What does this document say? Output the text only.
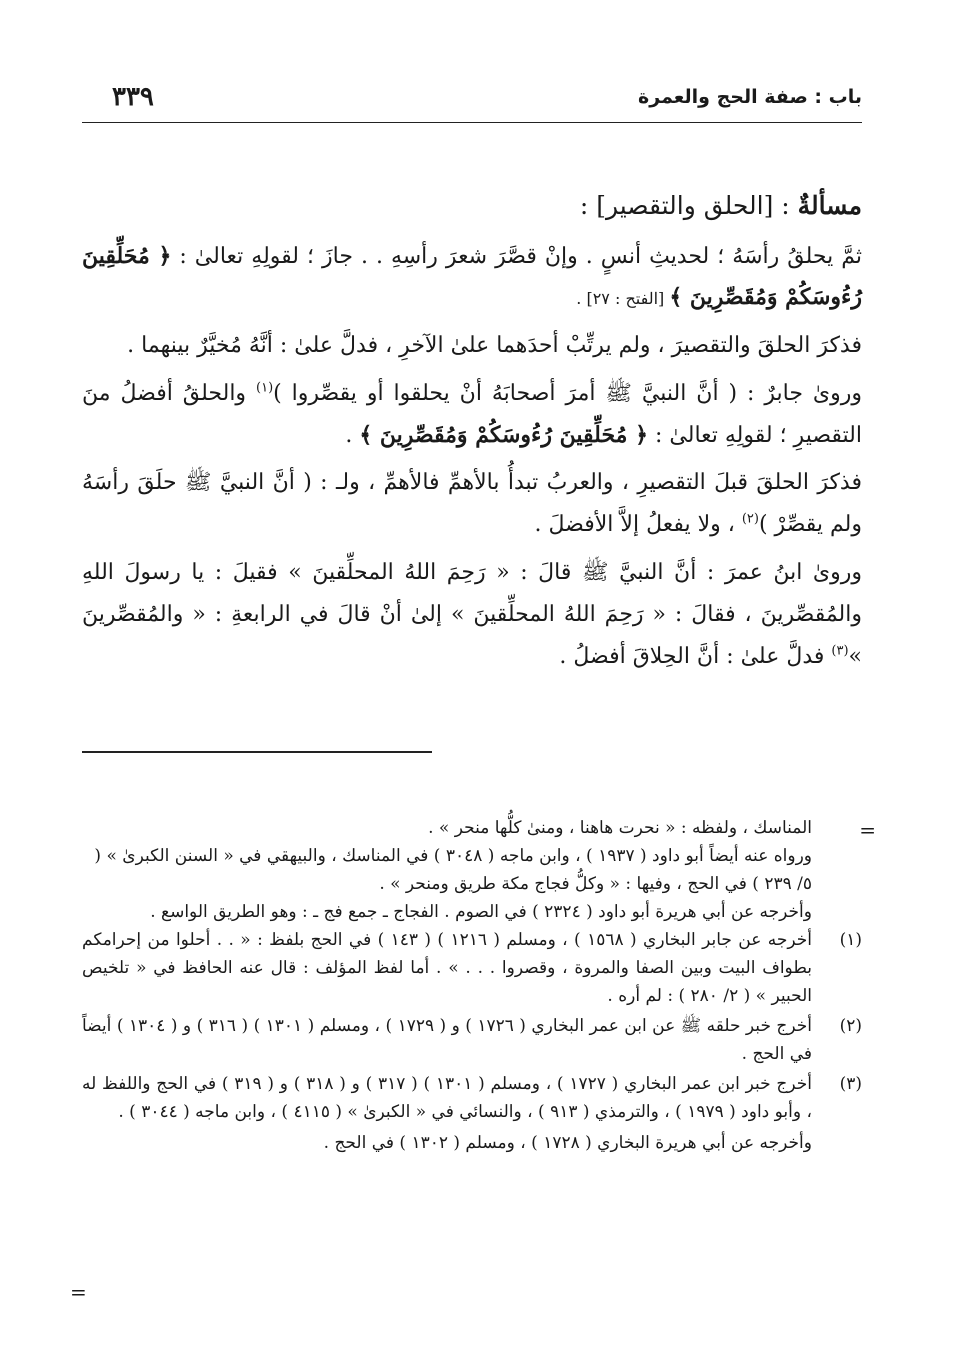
باب : صفة الحج والعمرة
٣٣٩

مسألةٌ : [الحلق والتقصير] :

ثمَّ يحلقُ رأسَهُ ؛ لحديثِ أنسٍ . وإنْ قصَّرَ شعرَ رأسِهِ . . جازَ ؛ لقولِهِ تعالىٰ : ﴿ مُحَلِّقِينَ رُءُوسَكُمْ وَمُقَصِّرِينَ ﴾ [الفتح : ٢٧] .

فذكرَ الحلقَ والتقصيرَ ، ولم يرتِّبْ أحدَهما علىٰ الآخرِ ، فدلَّ علىٰ : أنَّهُ مُخيَّرٌ بينهما .

وروىٰ جابرٌ : ( أنَّ النبيَّ ﷺ أمرَ أصحابَهُ أنْ يحلقوا أو يقصِّروا )$^{(١)}$ والحلقُ أفضلُ منَ التقصيرِ ؛ لقولِهِ تعالىٰ : ﴿ مُحَلِّقِينَ رُءُوسَكُمْ وَمُقَصِّرِينَ ﴾ .

فذكرَ الحلقَ قبلَ التقصيرِ ، والعربُ تبدأُ بالأهمِّ فالأهمِّ ، ولـ : ( أنَّ النبيَّ ﷺ حلَقَ رأسَهُ ولم يقصِّرْ )$^{(٢)}$ ، ولا يفعلُ إلاَّ الأفضلَ .

وروىٰ ابنُ عمرَ : أنَّ النبيَّ ﷺ قالَ : « رَحِمَ اللهُ المحلِّقينَ » فقيلَ : يا رسولَ اللهِ والمُقصِّرينَ ، فقالَ : « رَحِمَ اللهُ المحلِّقينَ » إلىٰ أنْ قالَ في الرابعةِ : « والمُقصِّرينَ »$^{(٣)}$ فدلَّ علىٰ : أنَّ الحِلاقَ أفضلُ .

=
المناسك ، ولفظه : « نحرت هاهنا ، ومنىٰ كلُّها منحر » .
ورواه عنه أيضاً أبو داود ( ١٩٣٧ ) ، وابن ماجه ( ٣٠٤٨ ) في المناسك ، والبيهقي في « السنن الكبرىٰ » ( ٥/ ٢٣٩ ) في الحج ، وفيها : « وكلُّ فجاج مكة طريق ومنحر » .
وأخرجه عن أبي هريرة أبو داود ( ٢٣٢٤ ) في الصوم . الفجاج ـ جمع فج ـ : وهو الطريق الواسع .
(١)
أخرجه عن جابر البخاري ( ١٥٦٨ ) ، ومسلم ( ١٢١٦ ) ( ١٤٣ ) في الحج بلفظ : « . . أحلوا من إحرامكم بطواف البيت وبين الصفا والمروة ، وقصروا . . . » . أما لفظ المؤلف : قال عنه الحافظ في « تلخيص الحبير » ( ٢/ ٢٨٠ ) : لم أره .
(٢)
أخرج خبر حلقه ﷺ عن ابن عمر البخاري ( ١٧٢٦ ) و ( ١٧٢٩ ) ، ومسلم ( ١٣٠١ ) ( ٣١٦ ) و ( ١٣٠٤ ) أيضاً في الحج .
(٣)
أخرج خبر ابن عمر البخاري ( ١٧٢٧ ) ، ومسلم ( ١٣٠١ ) ( ٣١٧ ) و ( ٣١٨ ) و ( ٣١٩ ) في الحج واللفظ له ، وأبو داود ( ١٩٧٩ ) ، والترمذي ( ٩١٣ ) ، والنسائي في « الكبرىٰ » ( ٤١١٥ ) ، وابن ماجه ( ٣٠٤٤ ) .
وأخرجه عن أبي هريرة البخاري ( ١٧٢٨ ) ، ومسلم ( ١٣٠٢ ) في الحج .
=
